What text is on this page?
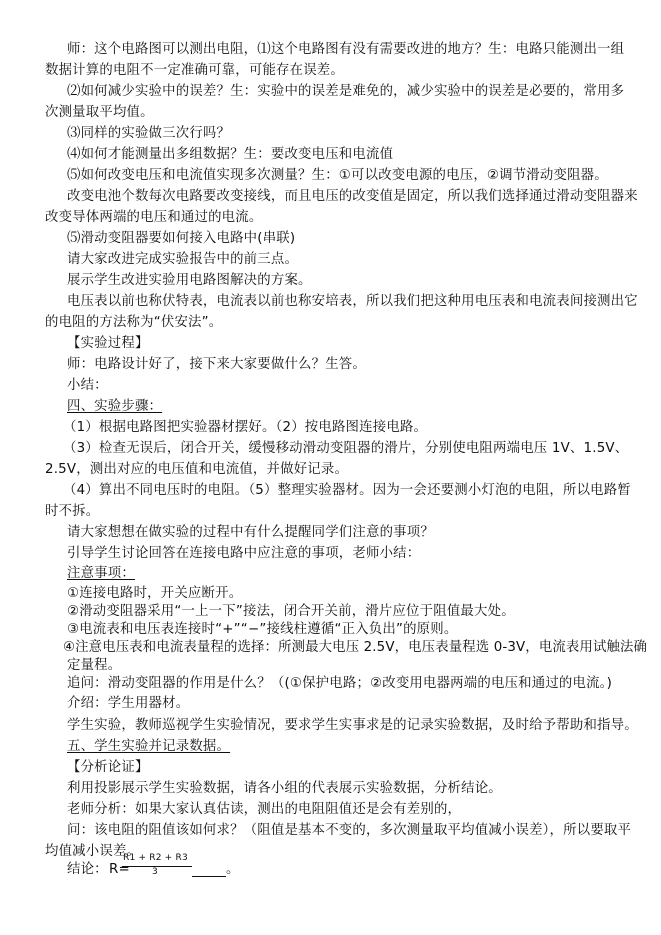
师：这个电路图可以测出电阻，⑴这个电路图有没有需要改进的地方？生：电路只能测出一组
数据计算的电阻不一定准确可靠，可能存在误差。
⑵如何减少实验中的误差？生：实验中的误差是难免的，减少实验中的误差是必要的，常用多
次测量取平均值。
⑶同样的实验做三次行吗？
⑷如何才能测量出多组数据？生：要改变电压和电流值
⑸如何改变电压和电流值实现多次测量？生：①可以改变电源的电压，②调节滑动变阻器。
改变电池个数每次电路要改变接线，而且电压的改变值是固定，所以我们选择通过滑动变阻器来
改变导体两端的电压和通过的电流。
⑸滑动变阻器要如何接入电路中(串联)
请大家改进完成实验报告中的前三点。
展示学生改进实验用电路图解决的方案。
电压表以前也称伏特表，电流表以前也称安培表，所以我们把这种用电压表和电流表间接测出它
的电阻的方法称为“伏安法”。
【实验过程】
师：电路设计好了，接下来大家要做什么？生答。
小结：
四、实验步骤：
（1）根据电路图把实验器材摆好。（2）按电路图连接电路。
（3）检查无误后，闭合开关，缓慢移动滑动变阻器的滑片，分别使电阻两端电压 1V、1.5V、
2.5V，测出对应的电压值和电流值，并做好记录。
（4）算出不同电压时的电阻。（5）整理实验器材。因为一会还要测小灯泡的电阻，所以电路暂
时不拆。
请大家想想在做实验的过程中有什么提醒同学们注意的事项？
引导学生讨论回答在连接电路中应注意的事项，老师小结：
注意事项：
①连接电路时，开关应断开。
②滑动变阻器采用“一上一下”接法，闭合开关前，滑片应位于阻值最大处。
③电流表和电压表连接时“+”“−”接线柱遵循“正入负出”的原则。
④注意电压表和电流表量程的选择：所测最大电压 2.5V，电压表量程选 0-3V，电流表用试触法确
定量程。
追问：滑动变阻器的作用是什么？（(①保护电路；②改变用电器两端的电压和通过的电流。)
介绍：学生用器材。
学生实验，教师巡视学生实验情况，要求学生实事求是的记录实验数据，及时给予帮助和指导。
五、学生实验并记录数据。
【分析论证】
利用投影展示学生实验数据，请各小组的代表展示实验数据，分析结论。
老师分析：如果大家认真估读，测出的电阻阻值还是会有差别的，
问：该电阻的阻值该如何求？（阻值是基本不变的，多次测量取平均值减小误差），所以要取平
均值减小误差。
结论： R=
R1 + R2 + R3
3	。
